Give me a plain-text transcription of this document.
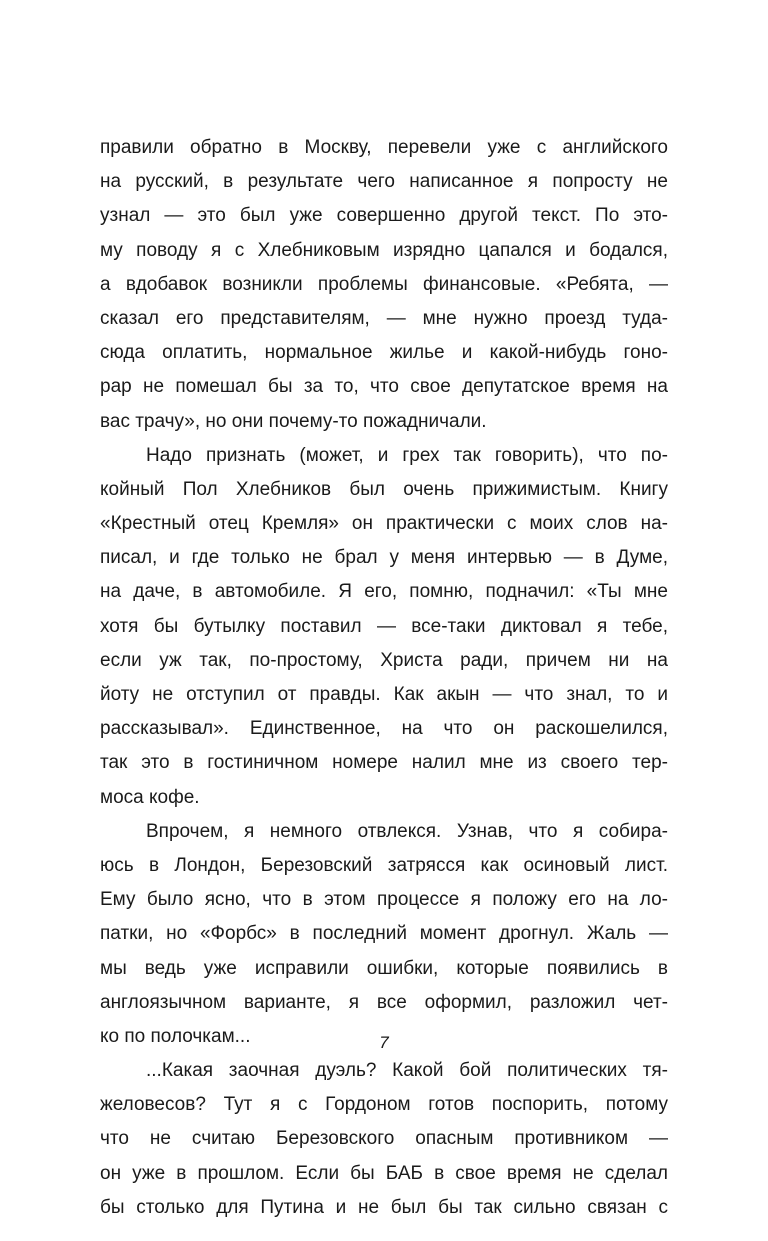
правили обратно в Москву, перевели уже с английского
на русский, в результате чего написанное я попросту не
узнал — это был уже совершенно другой текст. По это-
му поводу я с Хлебниковым изрядно цапался и бодался,
а вдобавок возникли проблемы финансовые. «Ребята, —
сказал его представителям, — мне нужно проезд туда-
сюда оплатить, нормальное жилье и какой-нибудь гоно-
рар не помешал бы за то, что свое депутатское время на
вас трачу», но они почему-то пожадничали.
Надо признать (может, и грех так говорить), что по-
койный Пол Хлебников был очень прижимистым. Книгу
«Крестный отец Кремля» он практически с моих слов на-
писал, и где только не брал у меня интервью — в Думе,
на даче, в автомобиле. Я его, помню, подначил: «Ты мне
хотя бы бутылку поставил — все-таки диктовал я тебе,
если уж так, по-простому, Христа ради, причем ни на
йоту не отступил от правды. Как акын — что знал, то и
рассказывал». Единственное, на что он раскошелился,
так это в гостиничном номере налил мне из своего тер-
моса кофе.
Впрочем, я немного отвлекся. Узнав, что я собира-
юсь в Лондон, Березовский затрясся как осиновый лист.
Ему было ясно, что в этом процессе я положу его на ло-
патки, но «Форбс» в последний момент дрогнул. Жаль —
мы ведь уже исправили ошибки, которые появились в
англоязычном варианте, я все оформил, разложил чет-
ко по полочкам...
...Какая заочная дуэль? Какой бой политических тя-
желовесов? Тут я с Гордоном готов поспорить, потому
что не считаю Березовского опасным противником —
он уже в прошлом. Если бы БАБ в свое время не сделал
бы столько для Путина и не был бы так сильно связан с
7
